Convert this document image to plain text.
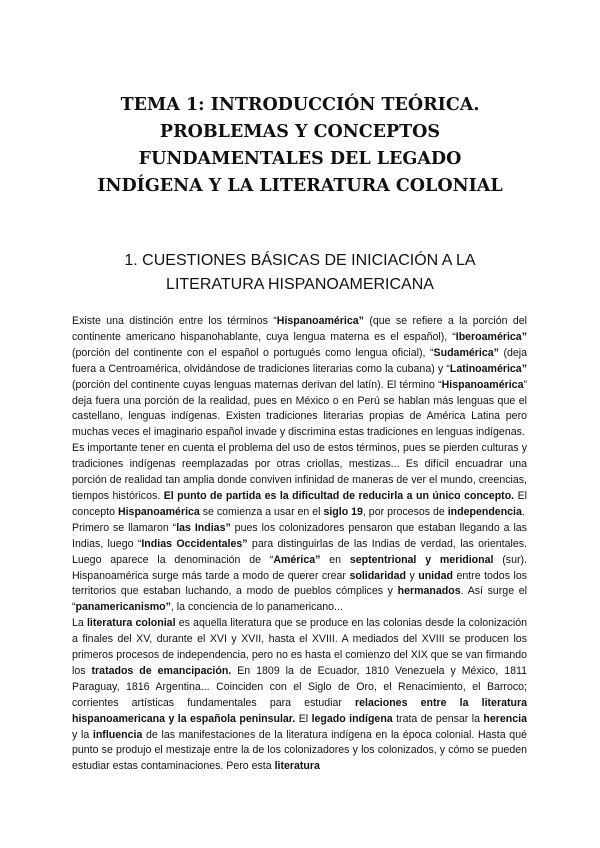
TEMA 1: INTRODUCCIÓN TEÓRICA.
PROBLEMAS Y CONCEPTOS
FUNDAMENTALES DEL LEGADO
INDÍGENA Y LA LITERATURA COLONIAL
1. CUESTIONES BÁSICAS DE INICIACIÓN A LA
LITERATURA HISPANOAMERICANA

Existe una distinción entre los términos “Hispanoamérica” (que se refiere a la porción del continente americano hispanohablante, cuya lengua materna es el español), “Iberoamérica” (porción del continente con el español o portugués como lengua oficial), “Sudamérica” (deja fuera a Centroamérica, olvidándose de tradiciones literarias como la cubana) y “Latinoamérica” (porción del continente cuyas lenguas maternas derivan del latín). El término “Hispanoamérica” deja fuera una porción de la realidad, pues en México o en Perú se hablan más lenguas que el castellano, lenguas indígenas. Existen tradiciones literarias propias de América Latina pero muchas veces el imaginario español invade y discrimina estas tradiciones en lenguas indígenas.

Es importante tener en cuenta el problema del uso de estos términos, pues se pierden culturas y tradiciones indígenas reemplazadas por otras criollas, mestizas... Es difícil encuadrar una porción de realidad tan amplia donde conviven infinidad de maneras de ver el mundo, creencias, tiempos históricos. El punto de partida es la dificultad de reducirla a un único concepto. El concepto Hispanoamérica se comienza a usar en el siglo 19, por procesos de independencia.

Primero se llamaron “las Indias” pues los colonizadores pensaron que estaban llegando a las Indias, luego “Indias Occidentales” para distinguirlas de las Indias de verdad, las orientales. Luego aparece la denominación de “América” en septentrional y meridional (sur). Hispanoamérica surge más tarde a modo de querer crear solidaridad y unidad entre todos los territorios que estaban luchando, a modo de pueblos cómplices y hermanados. Así surge el “panamericanismo”, la conciencia de lo panamericano...

La literatura colonial es aquella literatura que se produce en las colonias desde la colonización a finales del XV, durante el XVI y XVII, hasta el XVIII. A mediados del XVIII se producen los primeros procesos de independencia, pero no es hasta el comienzo del XIX que se van firmando los tratados de emancipación. En 1809 la de Ecuador, 1810 Venezuela y México, 1811 Paraguay, 1816 Argentina... Coinciden con el Siglo de Oro, el Renacimiento, el Barroco; corrientes artísticas fundamentales para estudiar relaciones entre la literatura hispanoamericana y la española peninsular. El legado indígena trata de pensar la herencia y la influencia de las manifestaciones de la literatura indígena en la época colonial. Hasta qué punto se produjo el mestizaje entre la de los colonizadores y los colonizados, y cómo se pueden estudiar estas contaminaciones. Pero esta literatura
